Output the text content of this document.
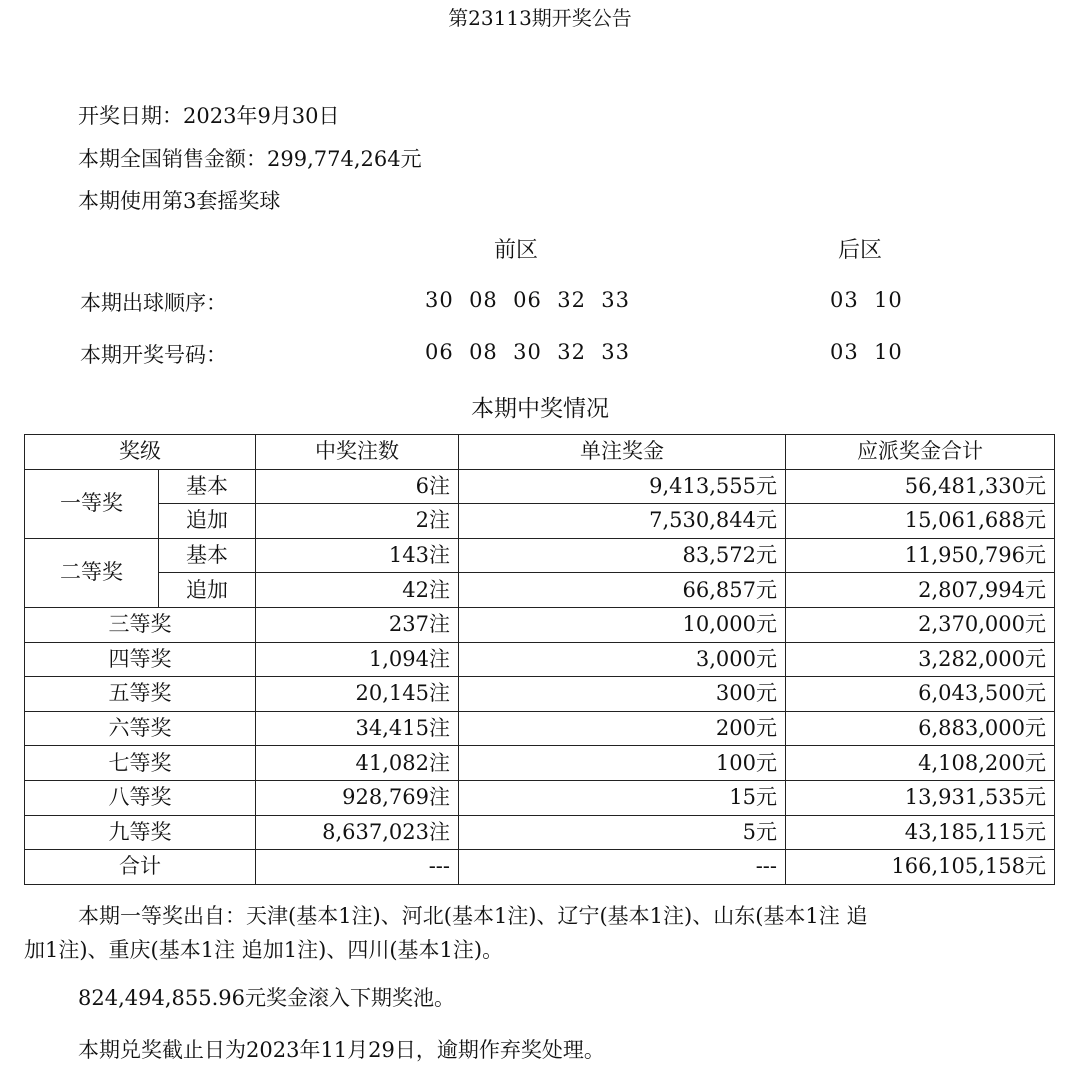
第23113期开奖公告
开奖日期：2023年9月30日
本期全国销售金额：299,774,264元
本期使用第3套摇奖球
前区	后区
本期出球顺序：	30  08  06  32  33	03  10
本期开奖号码：	06  08  30  32  33	03  10
本期中奖情况
奖级		中奖注数	单注奖金	应派奖金合计
一等奖	基本	6注	9,413,555元	56,481,330元
	追加	2注	7,530,844元	15,061,688元
二等奖	基本	143注	83,572元	11,950,796元
	追加	42注	66,857元	2,807,994元
三等奖		237注	10,000元	2,370,000元
四等奖		1,094注	3,000元	3,282,000元
五等奖		20,145注	300元	6,043,500元
六等奖		34,415注	200元	6,883,000元
七等奖		41,082注	100元	4,108,200元
八等奖		928,769注	15元	13,931,535元
九等奖		8,637,023注	5元	43,185,115元
合计		---	---	166,105,158元
本期一等奖出自：天津(基本1注)、河北(基本1注)、辽宁(基本1注)、山东(基本1注 追
加1注)、重庆(基本1注 追加1注)、四川(基本1注)。
824,494,855.96元奖金滚入下期奖池。
本期兑奖截止日为2023年11月29日，逾期作弃奖处理。
